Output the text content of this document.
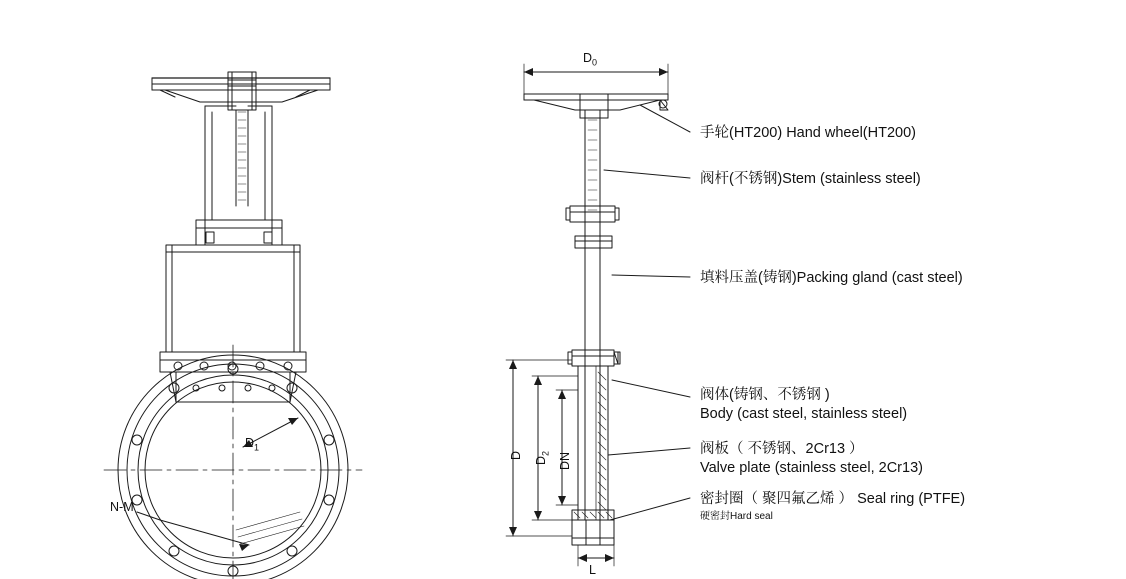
$D_1$
N-M
$D_0$
D
$D_2$ DN
L
手轮(HT200) Hand wheel(HT200)
阀杆(不锈钢)Stem (stainless steel)
填料压盖(铸钢)Packing gland (cast steel)
阀体(铸钢、不锈钢 )
Body (cast steel, stainless steel)
阀板（ 不锈钢、2Cr13 ）
Valve plate (stainless steel, 2Cr13)
密封圈（ 聚四氟乙烯 ） Seal ring (PTFE)
硬密封Hard seal
